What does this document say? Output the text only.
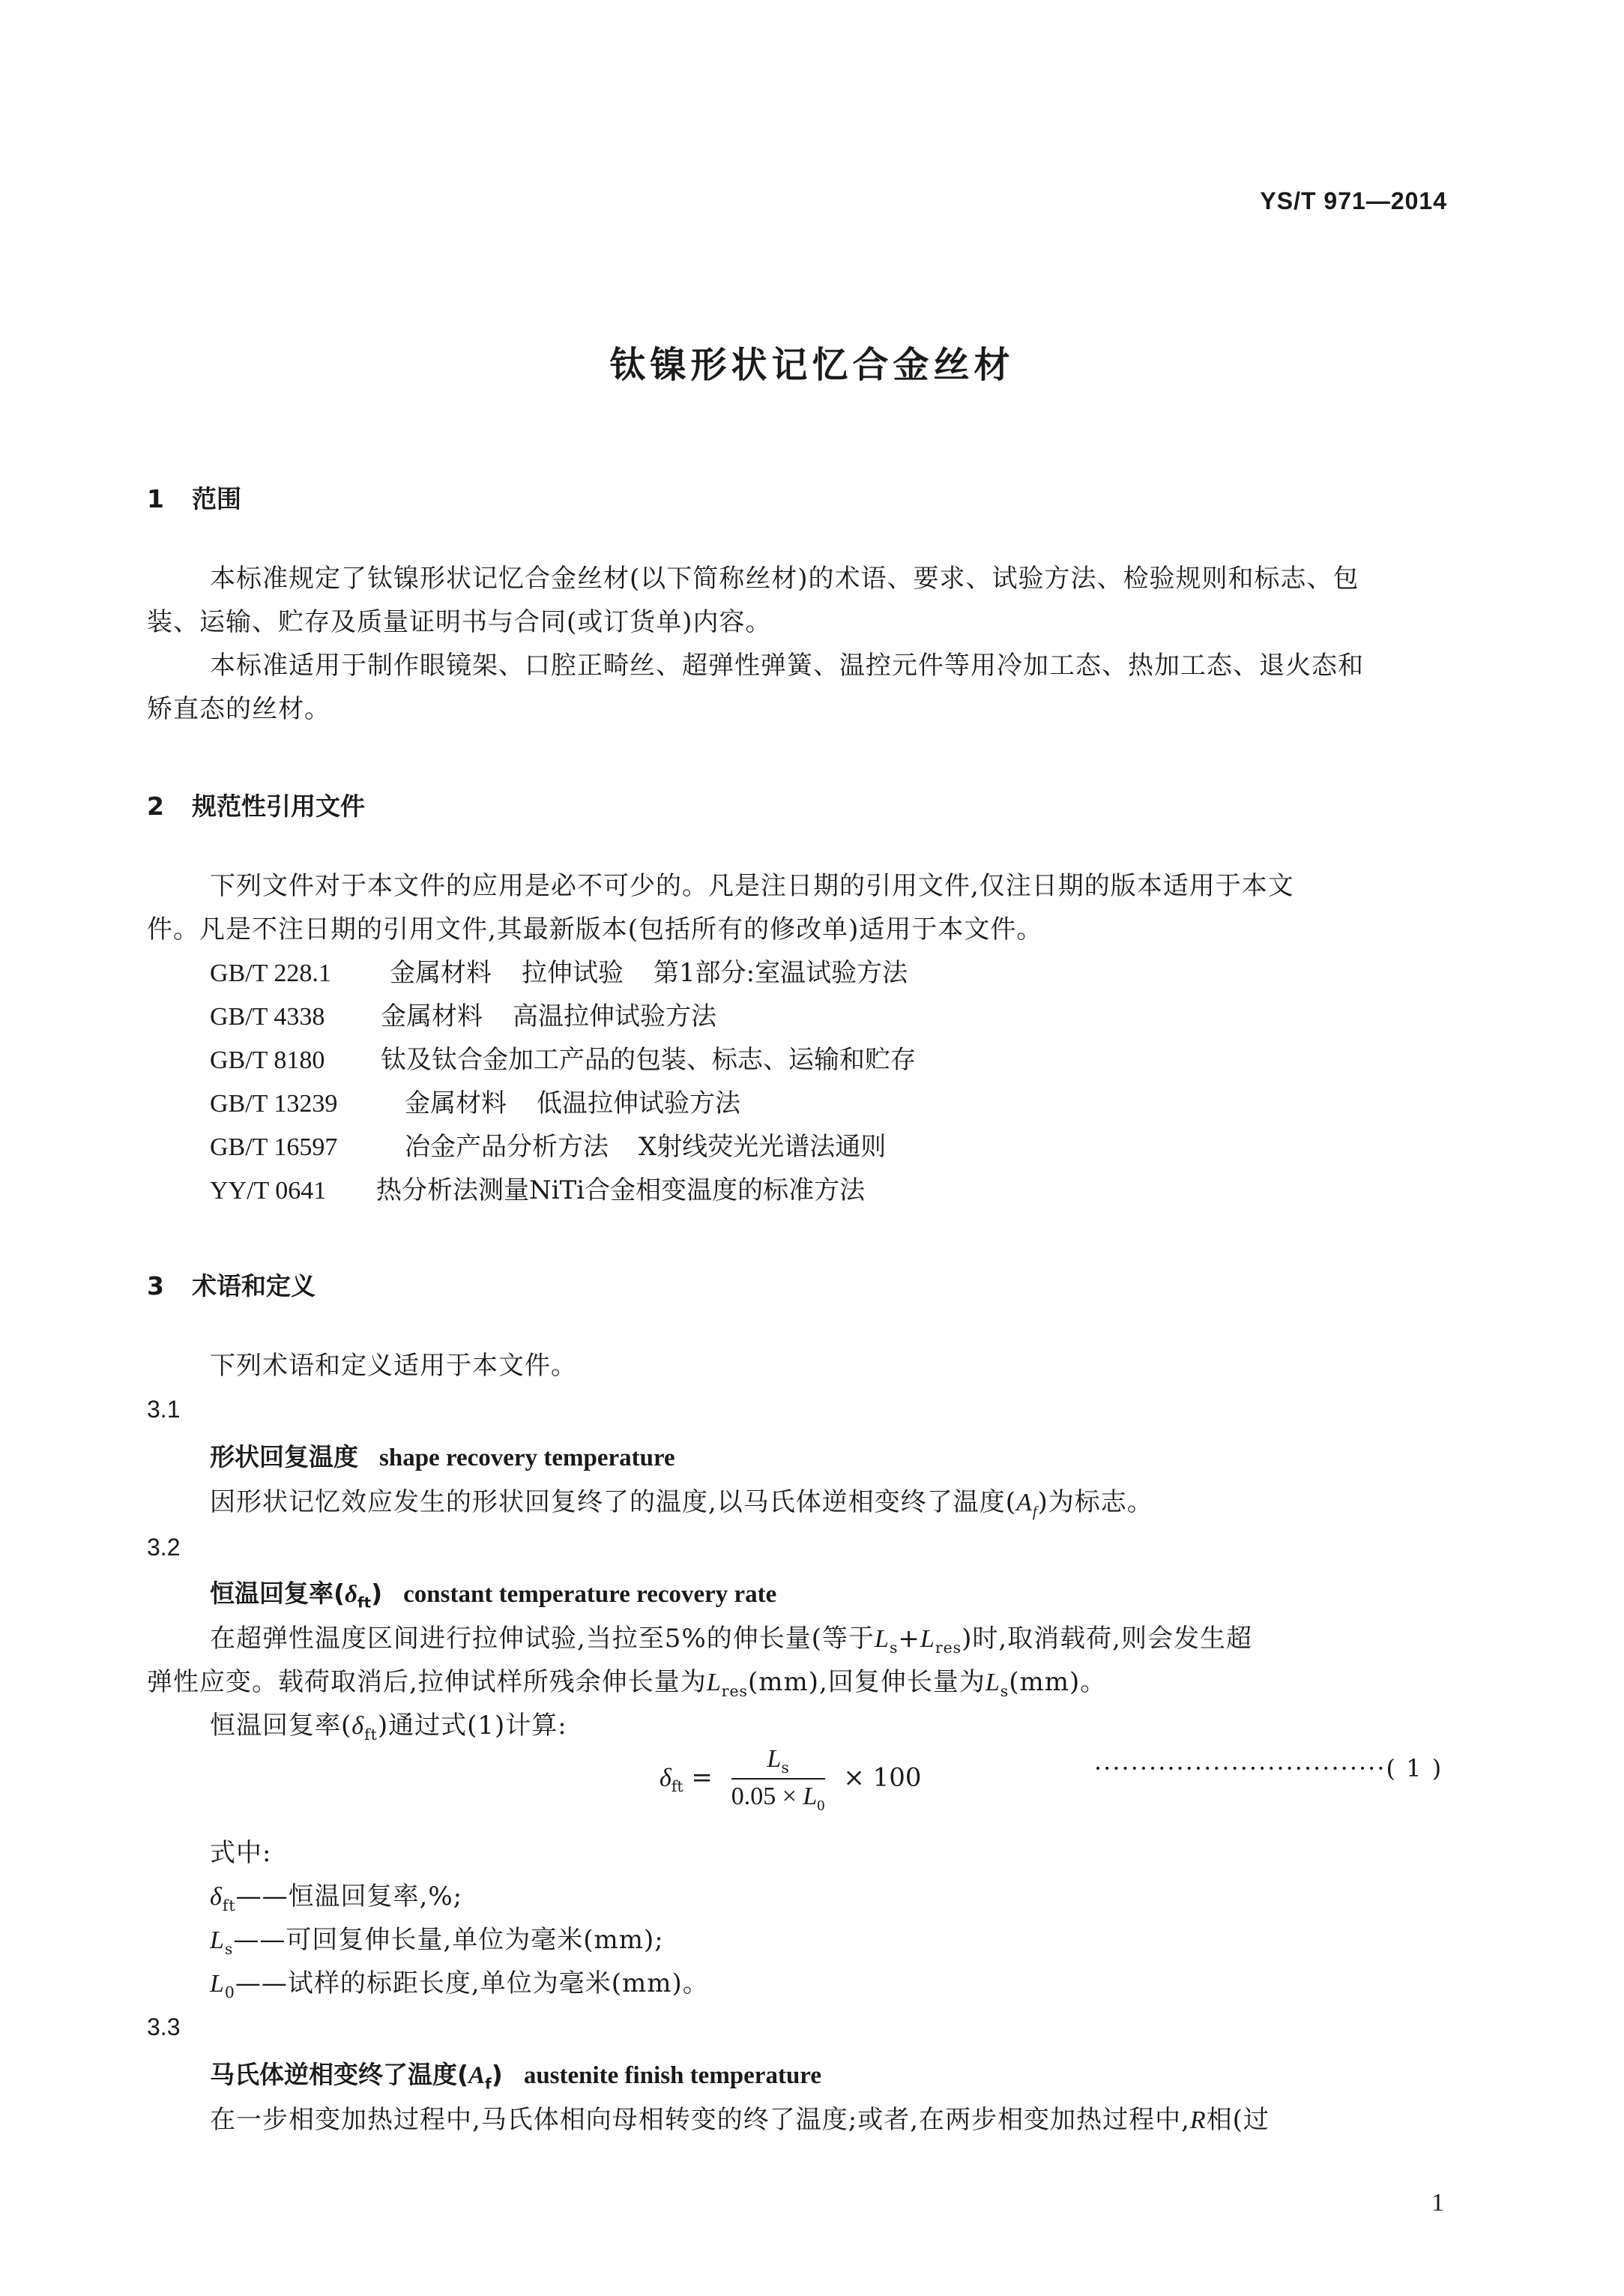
YS/T 971—2014
钛镍形状记忆合金丝材
1 范围
本标准规定了钛镍形状记忆合金丝材(以下简称丝材)的术语、要求、试验方法、检验规则和标志、包
装、运输、贮存及质量证明书与合同(或订货单)内容。
本标准适用于制作眼镜架、口腔正畸丝、超弹性弹簧、温控元件等用冷加工态、热加工态、退火态和
矫直态的丝材。
2 规范性引用文件
下列文件对于本文件的应用是必不可少的。凡是注日期的引用文件,仅注日期的版本适用于本文
件。凡是不注日期的引用文件,其最新版本(包括所有的修改单)适用于本文件。
GB/T 228.1 金属材料 拉伸试验 第1部分:室温试验方法
GB/T 4338 金属材料 高温拉伸试验方法
GB/T 8180 钛及钛合金加工产品的包装、标志、运输和贮存
GB/T 13239	金属材料 低温拉伸试验方法
GB/T 16597	冶金产品分析方法 X射线荧光光谱法通则
YY/T 0641 热分析法测量NiTi合金相变温度的标准方法
3 术语和定义
下列术语和定义适用于本文件。
3.1
形状回复温度 shape recovery temperature
因形状记忆效应发生的形状回复终了的温度,以马氏体逆相变终了温度$(A_f)$为标志。
3.2
恒温回复率$(\delta_{ft})$ constant temperature recovery rate
在超弹性温度区间进行拉伸试验,当拉至5%的伸长量(等于$L_s+L_{res}$)时,取消载荷,则会发生超
弹性应变。载荷取消后,拉伸试样所残余伸长量为$L_{res}(mm)$,回复伸长量为$L_s(mm)$。
恒温回复率$(\delta_{ft})$通过式(1)计算:
$\delta_{ft} = \frac{L_s}{0.05 \times L_0} \times 100$	································( 1 )
式中:
$\delta_{ft}——$恒温回复率,%;
$L_s——$可回复伸长量,单位为毫米(mm);
$L_0——$试样的标距长度,单位为毫米(mm)。
3.3
马氏体逆相变终了温度$(A_f)$ austenite finish temperature
在一步相变加热过程中,马氏体相向母相转变的终了温度;或者,在两步相变加热过程中,R相(过
1
